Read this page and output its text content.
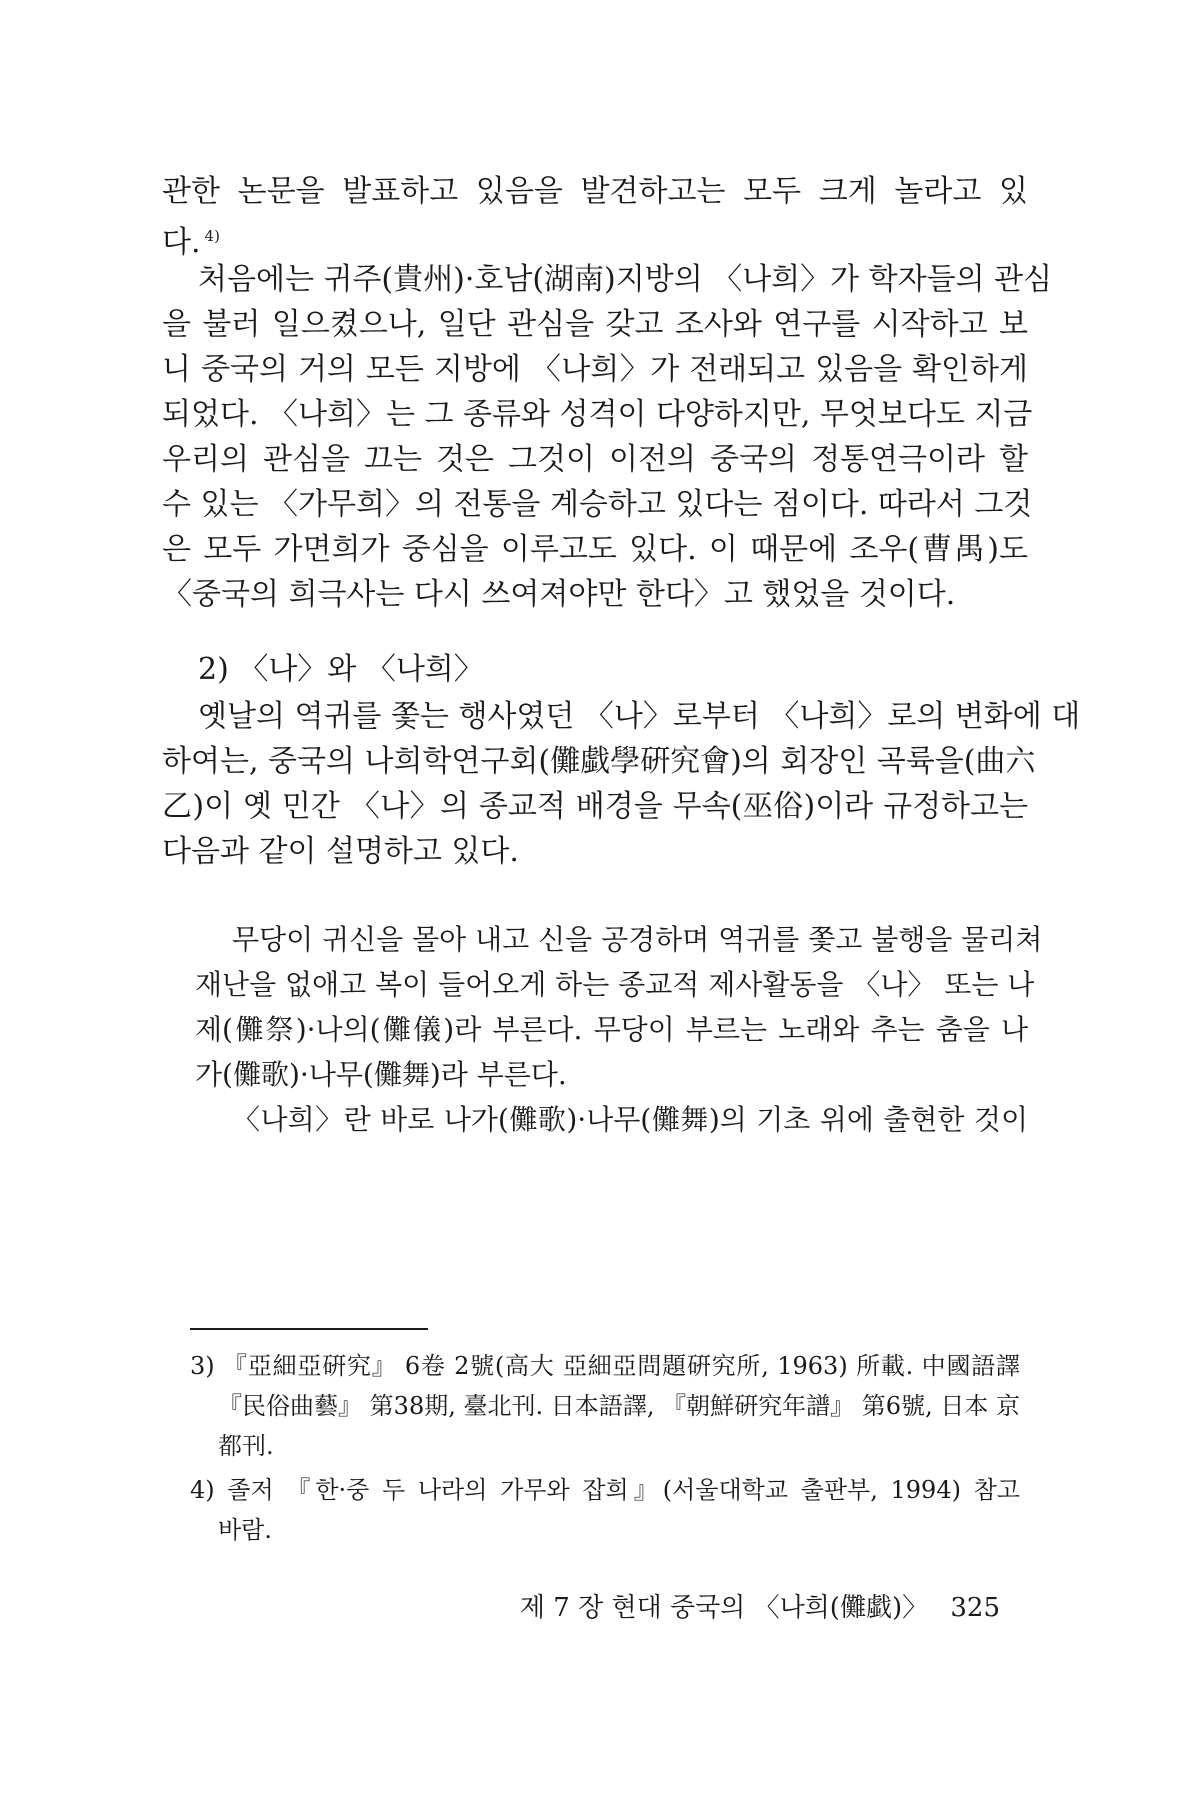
관한 논문을 발표하고 있음을 발견하고는 모두 크게 놀라고 있
다. $^{4)}$
처음에는 귀주(貴州)·호남(湖南)지방의 〈나희〉가 학자들의 관심
을 불러 일으켰으나, 일단 관심을 갖고 조사와 연구를 시작하고 보
니 중국의 거의 모든 지방에 〈나희〉가 전래되고 있음을 확인하게
되었다. 〈나희〉는 그 종류와 성격이 다양하지만, 무엇보다도 지금
우리의 관심을 끄는 것은 그것이 이전의 중국의 정통연극이라 할
수 있는 〈가무희〉의 전통을 계승하고 있다는 점이다. 따라서 그것
은 모두 가면희가 중심을 이루고도 있다. 이 때문에 조우(曹禺)도
〈중국의 희극사는 다시 쓰여져야만 한다〉고 했었을 것이다.
2) 〈나〉와 〈나희〉
옛날의 역귀를 쫓는 행사였던 〈나〉로부터 〈나희〉로의 변화에 대
하여는, 중국의 나희학연구회(儺戱學硏究會)의 회장인 곡륙을(曲六
乙)이 옛 민간 〈나〉의 종교적 배경을 무속(巫俗)이라 규정하고는
다음과 같이 설명하고 있다.
무당이 귀신을 몰아 내고 신을 공경하며 역귀를 쫓고 불행을 물리쳐
재난을 없애고 복이 들어오게 하는 종교적 제사활동을 〈나〉 또는 나
제(儺祭)·나의(儺儀)라 부른다. 무당이 부르는 노래와 추는 춤을 나
가(儺歌)·나무(儺舞)라 부른다.
〈나희〉란 바로 나가(儺歌)·나무(儺舞)의 기초 위에 출현한 것이
3) 『亞細亞硏究』 6卷 2號(高大 亞細亞問題硏究所, 1963) 所載. 中國語譯
『民俗曲藝』 第38期, 臺北刊. 日本語譯, 『朝鮮硏究年譜』 第6號, 日本 京
都刊.
4) 졸저 『한·중 두 나라의 가무와 잡희』(서울대학교 출판부, 1994) 참고
바람.
제 7 장 현대 중국의 〈나희(儺戱)〉 325
